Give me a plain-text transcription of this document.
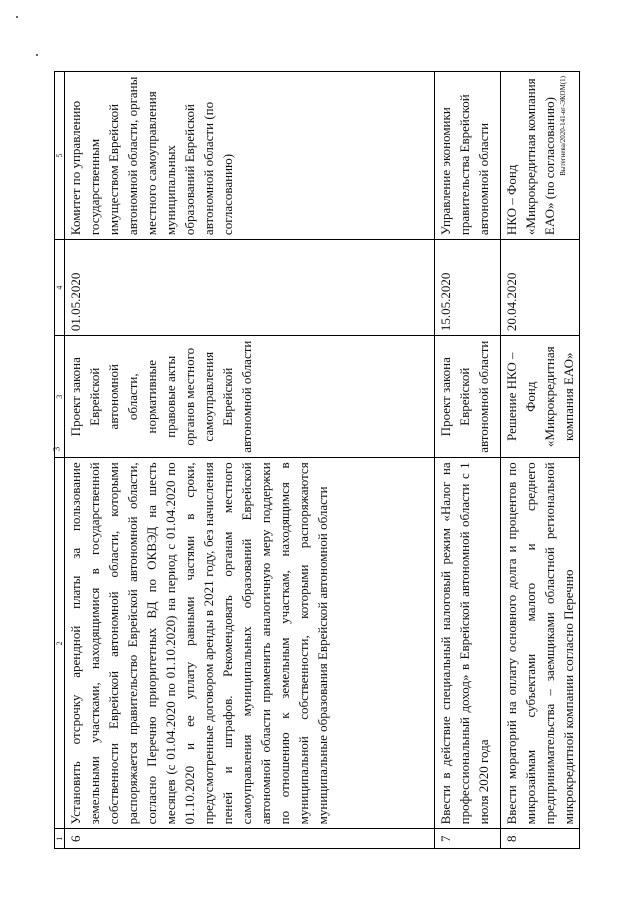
3
1	2	3	4	5
6	Установить отсрочку арендной платы за пользование земельными участками, находящимися в государственной собственности Еврейской автономной области, которыми распоряжается правительство Еврейской автономной области, согласно Перечню приоритетных ВД по ОКВЭД на шесть месяцев (с 01.04.2020 по 01.10.2020) на период с 01.04.2020 по 01.10.2020 и ее уплату равными частями в сроки, предусмотренные договором аренды в 2021 году, без начисления пеней и штрафов. Рекомендовать органам местного самоуправления муниципальных образований Еврейской автономной области применить аналогичную меру поддержки по отношению к земельным участкам, находящимся в муниципальной собственности, которыми распоряжаются муниципальные образования Еврейской автономной области	Проект закона Еврейской автономной области, нормативные правовые акты органов местного самоуправления Еврейской автономной области	01.05.2020	Комитет по управлению государственным имуществом Еврейской автономной области, органы местного самоуправления муниципальных образований Еврейской автономной области (по согласованию)
7	Ввести в действие специальный налоговый режим «Налог на профессиональный доход» в Еврейской автономной области с 1 июля 2020 года	Проект закона Еврейской автономной области	15.05.2020	Управление экономики правительства Еврейской автономной области
8	Ввести мораторий на оплату основного долга и процентов по микрозаймам субъектами малого и среднего предпринимательства – заемщиками областной региональной микрокредитной компании согласно Перечню	Решение НКО – Фонд «Микрокредитная компания ЕАО»	20.04.2020	НКО – Фонд «Микрокредитная компания ЕАО» (по согласованию) Вытегнева/2020-141-вг-ЭКОМ(1)
